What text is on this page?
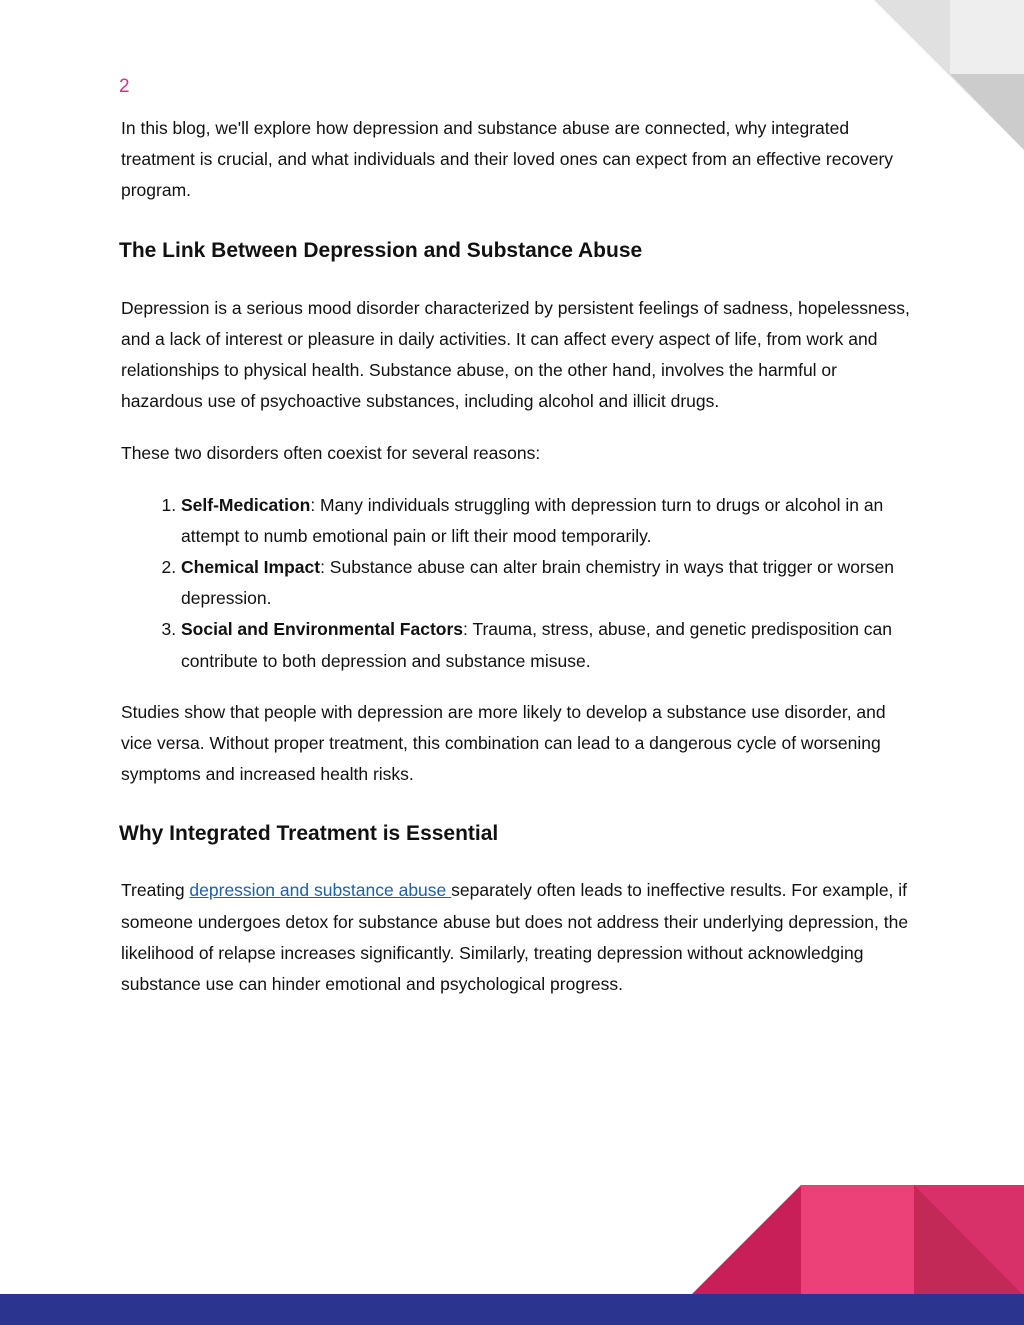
2

In this blog, we'll explore how depression and substance abuse are connected, why integrated treatment is crucial, and what individuals and their loved ones can expect from an effective recovery program.

The Link Between Depression and Substance Abuse

Depression is a serious mood disorder characterized by persistent feelings of sadness, hopelessness, and a lack of interest or pleasure in daily activities. It can affect every aspect of life, from work and relationships to physical health. Substance abuse, on the other hand, involves the harmful or hazardous use of psychoactive substances, including alcohol and illicit drugs.

These two disorders often coexist for several reasons:

1. Self-Medication: Many individuals struggling with depression turn to drugs or alcohol in an attempt to numb emotional pain or lift their mood temporarily.
2. Chemical Impact: Substance abuse can alter brain chemistry in ways that trigger or worsen depression.
3. Social and Environmental Factors: Trauma, stress, abuse, and genetic predisposition can contribute to both depression and substance misuse.

Studies show that people with depression are more likely to develop a substance use disorder, and vice versa. Without proper treatment, this combination can lead to a dangerous cycle of worsening symptoms and increased health risks.

Why Integrated Treatment is Essential

Treating depression and substance abuse separately often leads to ineffective results. For example, if someone undergoes detox for substance abuse but does not address their underlying depression, the likelihood of relapse increases significantly. Similarly, treating depression without acknowledging substance use can hinder emotional and psychological progress.
